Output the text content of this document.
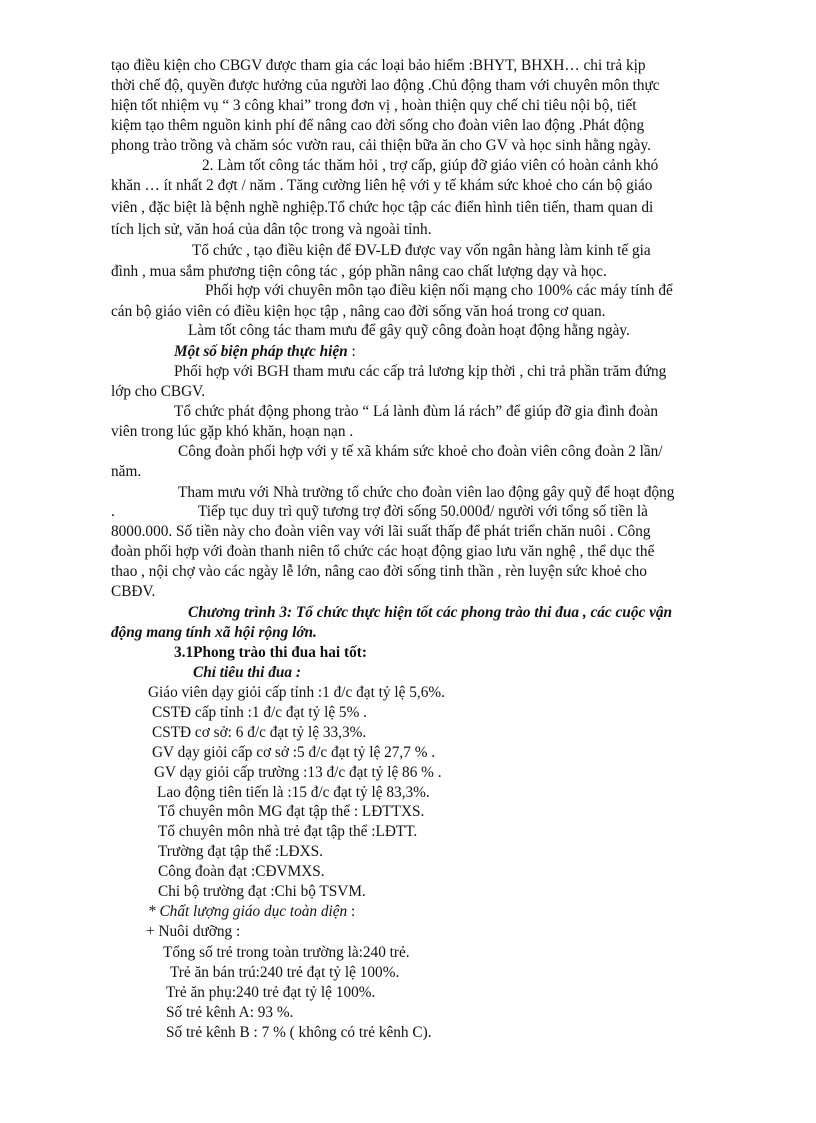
tạo điều kiện cho CBGV được tham gia các loại bảo hiểm :BHYT, BHXH… chi trả kịp
thời chế độ, quyền được hưởng của người lao động .Chủ động tham với chuyên môn thực
hiện tốt nhiệm vụ “ 3 công khai” trong đơn vị , hoàn thiện quy chế chi tiêu nội bộ, tiết
kiệm tạo thêm nguồn kinh phí để nâng cao đời sống cho đoàn viên lao động .Phát động
phong trào trồng và chăm sóc vườn rau, cải thiện bữa ăn cho GV và học sinh hằng ngày.
2. Làm tốt công tác thăm hỏi , trợ cấp, giúp đỡ giáo viên có hoàn cảnh khó
khăn … ít nhất 2 đợt / năm . Tăng cường liên hệ với y tế khám sức khoẻ cho cán bộ giáo
viên , đặc biệt là bệnh nghề nghiệp.Tổ chức học tập các điển hình tiên tiến, tham quan di
tích lịch sử, văn hoá của dân tộc trong và ngoài tỉnh.
Tổ chức , tạo điều kiện để ĐV-LĐ được vay vốn ngân hàng làm kinh tế gia
đình , mua sắm phương tiện công tác , góp phần nâng cao chất lượng dạy và học.
Phối hợp với chuyên môn tạo điều kiện nối mạng cho 100% các máy tính để
cán bộ giáo viên có điều kiện học tập , nâng cao đời sống văn hoá trong cơ quan.
Làm tốt công tác tham mưu để gây quỹ công đoàn hoạt động hằng ngày.
Một số biện pháp thực hiện :
Phối hợp với BGH tham mưu các cấp trả lương kịp thời , chi trả phần trăm đứng
lớp cho CBGV.
Tổ chức phát động phong trào “ Lá lành đùm lá rách” để giúp đỡ gia đình đoàn
viên trong lúc gặp khó khăn, hoạn nạn .
Công đoàn phối hợp với y tế xã khám sức khoẻ cho đoàn viên công đoàn 2 lần/
năm.
Tham mưu với Nhà trường tổ chức cho đoàn viên lao động gây quỹ để hoạt động
.	Tiếp tục duy trì quỹ tương trợ đời sống 50.000đ/ người với tổng số tiền là
8000.000. Số tiền này cho đoàn viên vay với lãi suất thấp để phát triển chăn nuôi . Công
đoàn phối hợp với đoàn thanh niên tổ chức các hoạt động giao lưu văn nghệ , thể dục thể
thao , nội chợ vào các ngày lễ lớn, nâng cao đời sống tinh thần , rèn luyện sức khoẻ cho
CBĐV.
Chương trình 3: Tổ chức thực hiện tốt các phong trào thi đua , các cuộc vận
động mang tính xã hội rộng lớn.
3.1Phong trào thi đua hai tốt:
Chỉ tiêu thi đua :
Giáo viên dạy giỏi cấp tỉnh :1 đ/c đạt tỷ lệ 5,6%.
CSTĐ cấp tỉnh :1 đ/c đạt tỷ lệ 5% .
CSTĐ cơ sở: 6 đ/c đạt tỷ lệ 33,3%.
GV dạy giỏi cấp cơ sở :5 đ/c đạt tỷ lệ 27,7 % .
GV dạy giỏi cấp trường :13 đ/c đạt tỷ lệ 86 % .
Lao động tiên tiến là :15 đ/c đạt tỷ lệ 83,3%.
Tổ chuyên môn MG đạt tập thể : LĐTTXS.
Tổ chuyên môn nhà trẻ đạt tập thể :LĐTT.
Trường đạt tập thể :LĐXS.
Công đoàn đạt :CĐVMXS.
Chi bộ trường đạt :Chi bộ TSVM.
* Chất lượng giáo dục toàn diện :
+ Nuôi dưỡng :
Tổng số trẻ trong toàn trường là:240 trẻ.
Trẻ ăn bán trú:240 trẻ đạt tỷ lệ 100%.
Trẻ ăn phụ:240 trẻ đạt tỷ lệ 100%.
Số trẻ kênh A: 93 %.
Số trẻ kênh B : 7 % ( không có trẻ kênh C).
